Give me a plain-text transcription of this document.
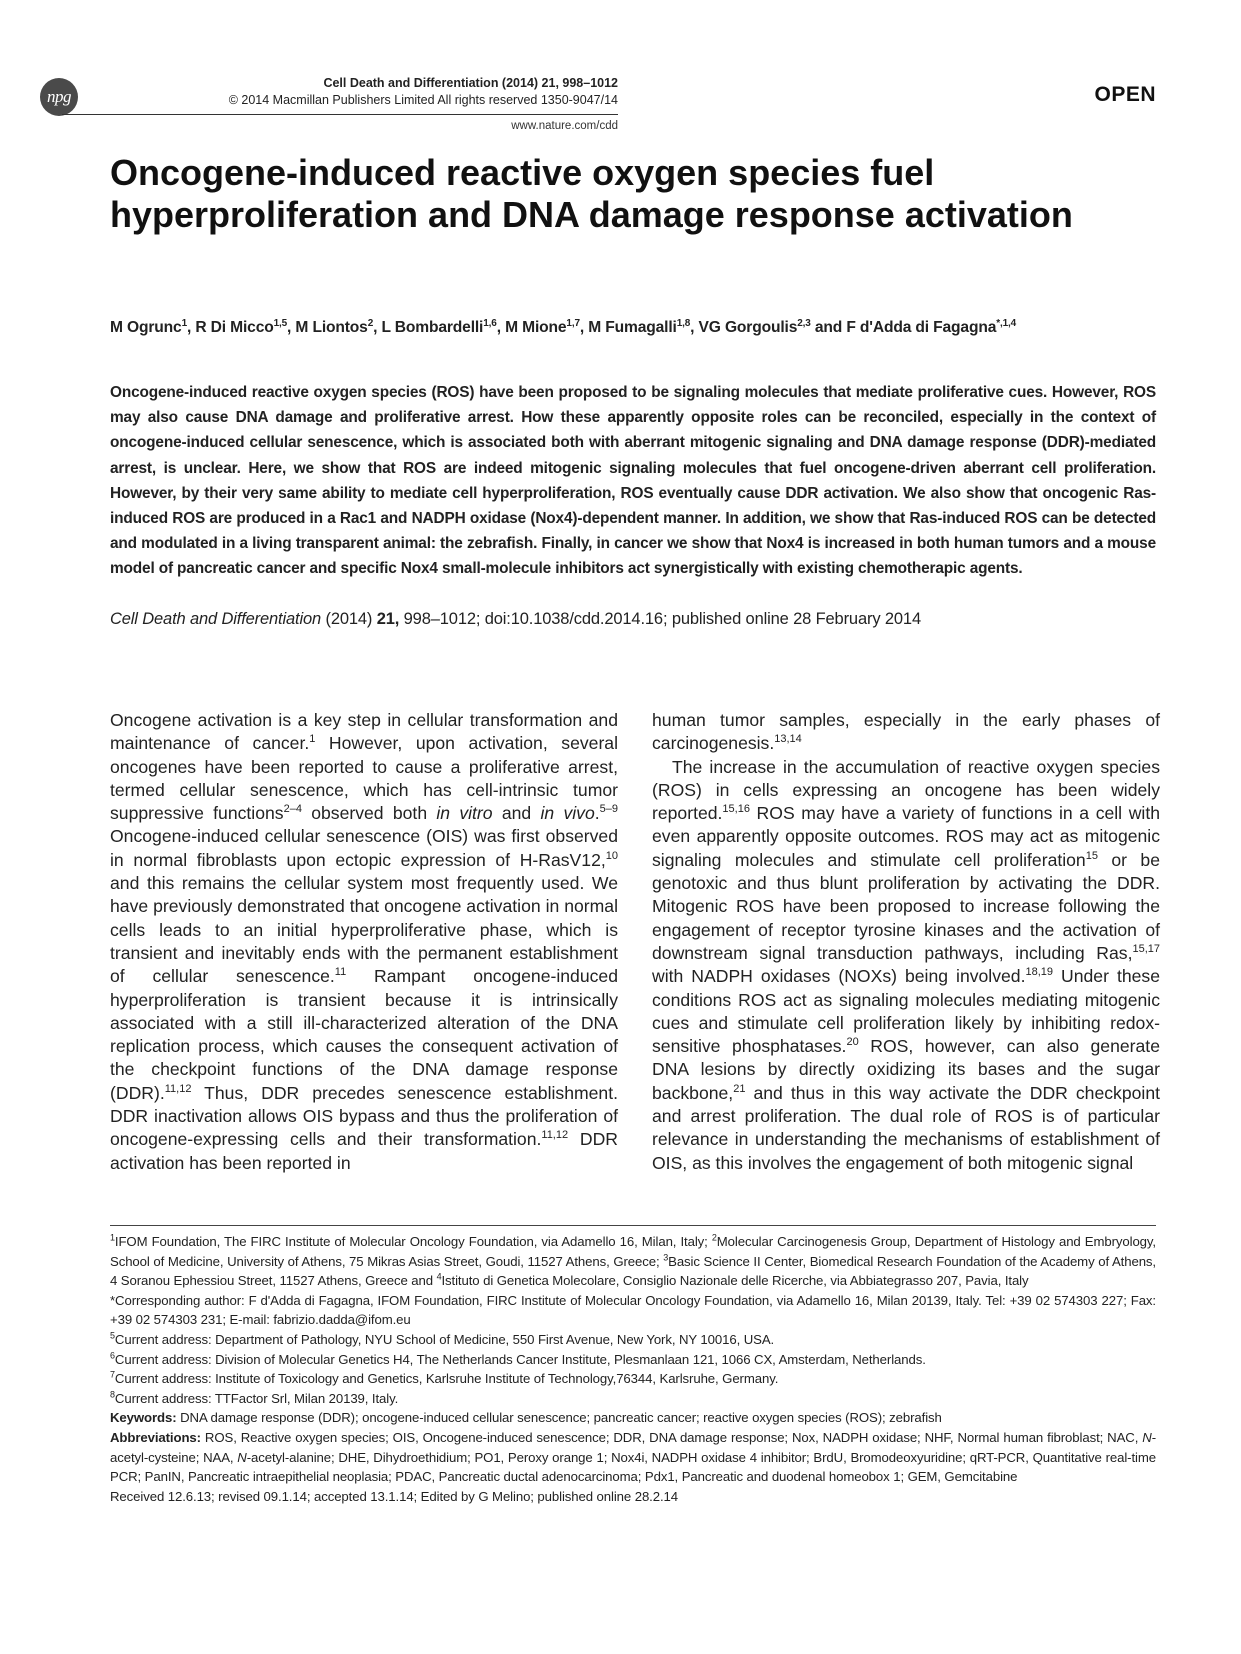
npg
Cell Death and Differentiation (2014) 21, 998–1012
© 2014 Macmillan Publishers Limited All rights reserved 1350-9047/14
www.nature.com/cdd
OPEN
Oncogene-induced reactive oxygen species fuel hyperproliferation and DNA damage response activation
M Ogrunc$^1$, R Di Micco$^{1,5}$, M Liontos$^2$, L Bombardelli$^{1,6}$, M Mione$^{1,7}$, M Fumagalli$^{1,8}$, VG Gorgoulis$^{2,3}$ and F d'Adda di Fagagna$^{*,1,4}$
Oncogene-induced reactive oxygen species (ROS) have been proposed to be signaling molecules that mediate proliferative cues. However, ROS may also cause DNA damage and proliferative arrest. How these apparently opposite roles can be reconciled, especially in the context of oncogene-induced cellular senescence, which is associated both with aberrant mitogenic signaling and DNA damage response (DDR)-mediated arrest, is unclear. Here, we show that ROS are indeed mitogenic signaling molecules that fuel oncogene-driven aberrant cell proliferation. However, by their very same ability to mediate cell hyperproliferation, ROS eventually cause DDR activation. We also show that oncogenic Ras-induced ROS are produced in a Rac1 and NADPH oxidase (Nox4)-dependent manner. In addition, we show that Ras-induced ROS can be detected and modulated in a living transparent animal: the zebrafish. Finally, in cancer we show that Nox4 is increased in both human tumors and a mouse model of pancreatic cancer and specific Nox4 small-molecule inhibitors act synergistically with existing chemotherapic agents.
Cell Death and Differentiation (2014) 21, 998–1012; doi:10.1038/cdd.2014.16; published online 28 February 2014

Oncogene activation is a key step in cellular transformation and maintenance of cancer.$^1$ However, upon activation, several oncogenes have been reported to cause a proliferative arrest, termed cellular senescence, which has cell-intrinsic tumor suppressive functions$^{2-4}$ observed both in vitro and in vivo.$^{5-9}$ Oncogene-induced cellular senescence (OIS) was first observed in normal fibroblasts upon ectopic expression of H-RasV12,10 and this remains the cellular system most frequently used. We have previously demonstrated that oncogene activation in normal cells leads to an initial hyperproliferative phase, which is transient and inevitably ends with the permanent establishment of cellular senescence.$^{11}$ Rampant oncogene-induced hyperproliferation is transient because it is intrinsically associated with a still ill-characterized alteration of the DNA replication process, which causes the consequent activation of the checkpoint functions of the DNA damage response (DDR).$^{11,12}$ Thus, DDR precedes senescence establishment. DDR inactivation allows OIS bypass and thus the proliferation of oncogene-expressing cells and their transformation.$^{11,12}$ DDR activation has been reported in

human tumor samples, especially in the early phases of carcinogenesis.$^{13,14}$

The increase in the accumulation of reactive oxygen species (ROS) in cells expressing an oncogene has been widely reported.$^{15,16}$ ROS may have a variety of functions in a cell with even apparently opposite outcomes. ROS may act as mitogenic signaling molecules and stimulate cell proliferation$^{15}$ or be genotoxic and thus blunt proliferation by activating the DDR. Mitogenic ROS have been proposed to increase following the engagement of receptor tyrosine kinases and the activation of downstream signal transduction pathways, including Ras,$^{15,17}$ with NADPH oxidases (NOXs) being involved.$^{18,19}$ Under these conditions ROS act as signaling molecules mediating mitogenic cues and stimulate cell proliferation likely by inhibiting redox-sensitive phosphatases.$^{20}$ ROS, however, can also generate DNA lesions by directly oxidizing its bases and the sugar backbone,$^{21}$ and thus in this way activate the DDR checkpoint and arrest proliferation. The dual role of ROS is of particular relevance in understanding the mechanisms of establishment of OIS, as this involves the engagement of both mitogenic signal

$^1$IFOM Foundation, The FIRC Institute of Molecular Oncology Foundation, via Adamello 16, Milan, Italy; $^2$Molecular Carcinogenesis Group, Department of Histology and Embryology, School of Medicine, University of Athens, 75 Mikras Asias Street, Goudi, 11527 Athens, Greece; $^3$Basic Science II Center, Biomedical Research Foundation of the Academy of Athens, 4 Soranou Ephessiou Street, 11527 Athens, Greece and $^4$Istituto di Genetica Molecolare, Consiglio Nazionale delle Ricerche, via Abbiategrasso 207, Pavia, Italy

*Corresponding author: F d'Adda di Fagagna, IFOM Foundation, FIRC Institute of Molecular Oncology Foundation, via Adamello 16, Milan 20139, Italy. Tel: +39 02 574303 227; Fax: +39 02 574303 231; E-mail: fabrizio.dadda@ifom.eu

$^5$Current address: Department of Pathology, NYU School of Medicine, 550 First Avenue, New York, NY 10016, USA.

$^6$Current address: Division of Molecular Genetics H4, The Netherlands Cancer Institute, Plesmanlaan 121, 1066 CX, Amsterdam, Netherlands.

$^7$Current address: Institute of Toxicology and Genetics, Karlsruhe Institute of Technology,76344, Karlsruhe, Germany.

$^8$Current address: TTFactor Srl, Milan 20139, Italy.

Keywords: DNA damage response (DDR); oncogene-induced cellular senescence; pancreatic cancer; reactive oxygen species (ROS); zebrafish

Abbreviations: ROS, Reactive oxygen species; OIS, Oncogene-induced senescence; DDR, DNA damage response; Nox, NADPH oxidase; NHF, Normal human fibroblast; NAC, N-acetyl-cysteine; NAA, N-acetyl-alanine; DHE, Dihydroethidium; PO1, Peroxy orange 1; Nox4i, NADPH oxidase 4 inhibitor; BrdU, Bromodeoxyuridine; qRT-PCR, Quantitative real-time PCR; PanIN, Pancreatic intraepithelial neoplasia; PDAC, Pancreatic ductal adenocarcinoma; Pdx1, Pancreatic and duodenal homeobox 1; GEM, Gemcitabine

Received 12.6.13; revised 09.1.14; accepted 13.1.14; Edited by G Melino; published online 28.2.14
